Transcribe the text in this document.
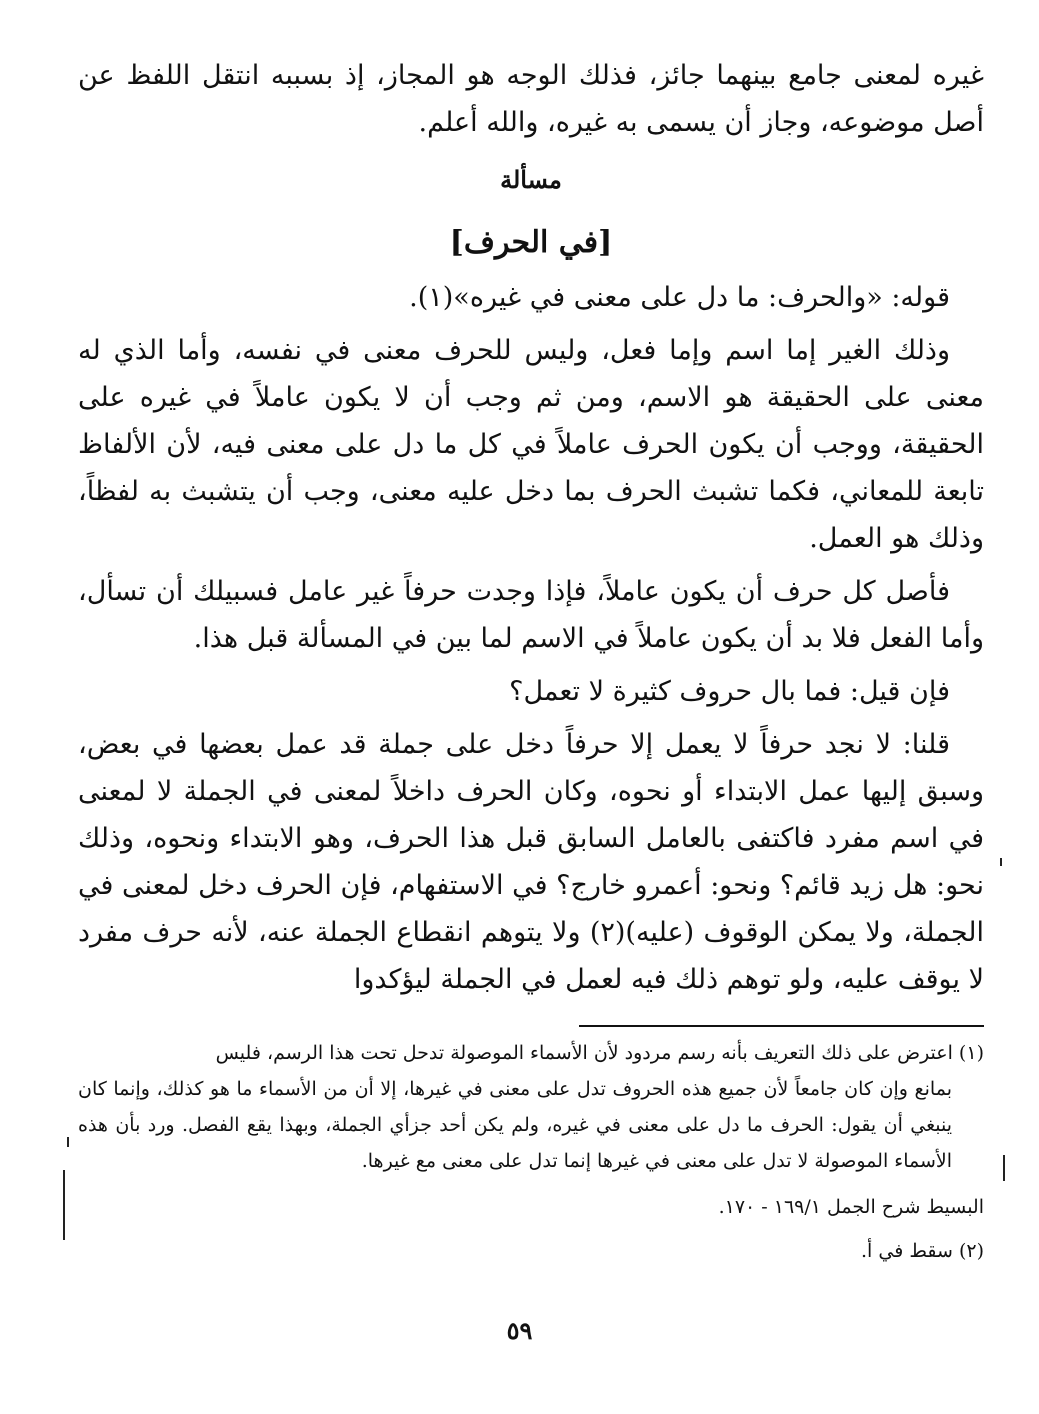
غيره لمعنى جامع بينهما جائز، فذلك الوجه هو المجاز، إذ بسببه انتقل اللفظ عن أصل موضوعه، وجاز أن يسمى به غيره، والله أعلم.

مسألة

[في الحرف]

قوله: «والحرف: ما دل على معنى في غيره»(١).

وذلك الغير إما اسم وإما فعل، وليس للحرف معنى في نفسه، وأما الذي له معنى على الحقيقة هو الاسم، ومن ثم وجب أن لا يكون عاملاً في غيره على الحقيقة، ووجب أن يكون الحرف عاملاً في كل ما دل على معنى فيه، لأن الألفاظ تابعة للمعاني، فكما تشبث الحرف بما دخل عليه معنى، وجب أن يتشبث به لفظاً، وذلك هو العمل.

فأصل كل حرف أن يكون عاملاً، فإذا وجدت حرفاً غير عامل فسبيلك أن تسأل، وأما الفعل فلا بد أن يكون عاملاً في الاسم لما بين في المسألة قبل هذا.

فإن قيل: فما بال حروف كثيرة لا تعمل؟

قلنا: لا نجد حرفاً لا يعمل إلا حرفاً دخل على جملة قد عمل بعضها في بعض، وسبق إليها عمل الابتداء أو نحوه، وكان الحرف داخلاً لمعنى في الجملة لا لمعنى في اسم مفرد فاكتفى بالعامل السابق قبل هذا الحرف، وهو الابتداء ونحوه، وذلك نحو: هل زيد قائم؟ ونحو: أعمرو خارج؟ في الاستفهام، فإن الحرف دخل لمعنى في الجملة، ولا يمكن الوقوف (عليه)(٢) ولا يتوهم انقطاع الجملة عنه، لأنه حرف مفرد لا يوقف عليه، ولو توهم ذلك فيه لعمل في الجملة ليؤكدوا

(١) اعترض على ذلك التعريف بأنه رسم مردود لأن الأسماء الموصولة تدحل تحت هذا الرسم، فليس

بمانع وإن كان جامعاً لأن جميع هذه الحروف تدل على معنى في غيرها، إلا أن من الأسماء ما هو كذلك، وإنما كان ينبغي أن يقول: الحرف ما دل على معنى في غيره، ولم يكن أحد جزأي الجملة، وبهذا يقع الفصل. ورد بأن هذه الأسماء الموصولة لا تدل على معنى في غيرها إنما تدل على معنى مع غيرها.

البسيط شرح الجمل ١٦٩/١ - ١٧٠.

(٢) سقط في أ.

٥٩
